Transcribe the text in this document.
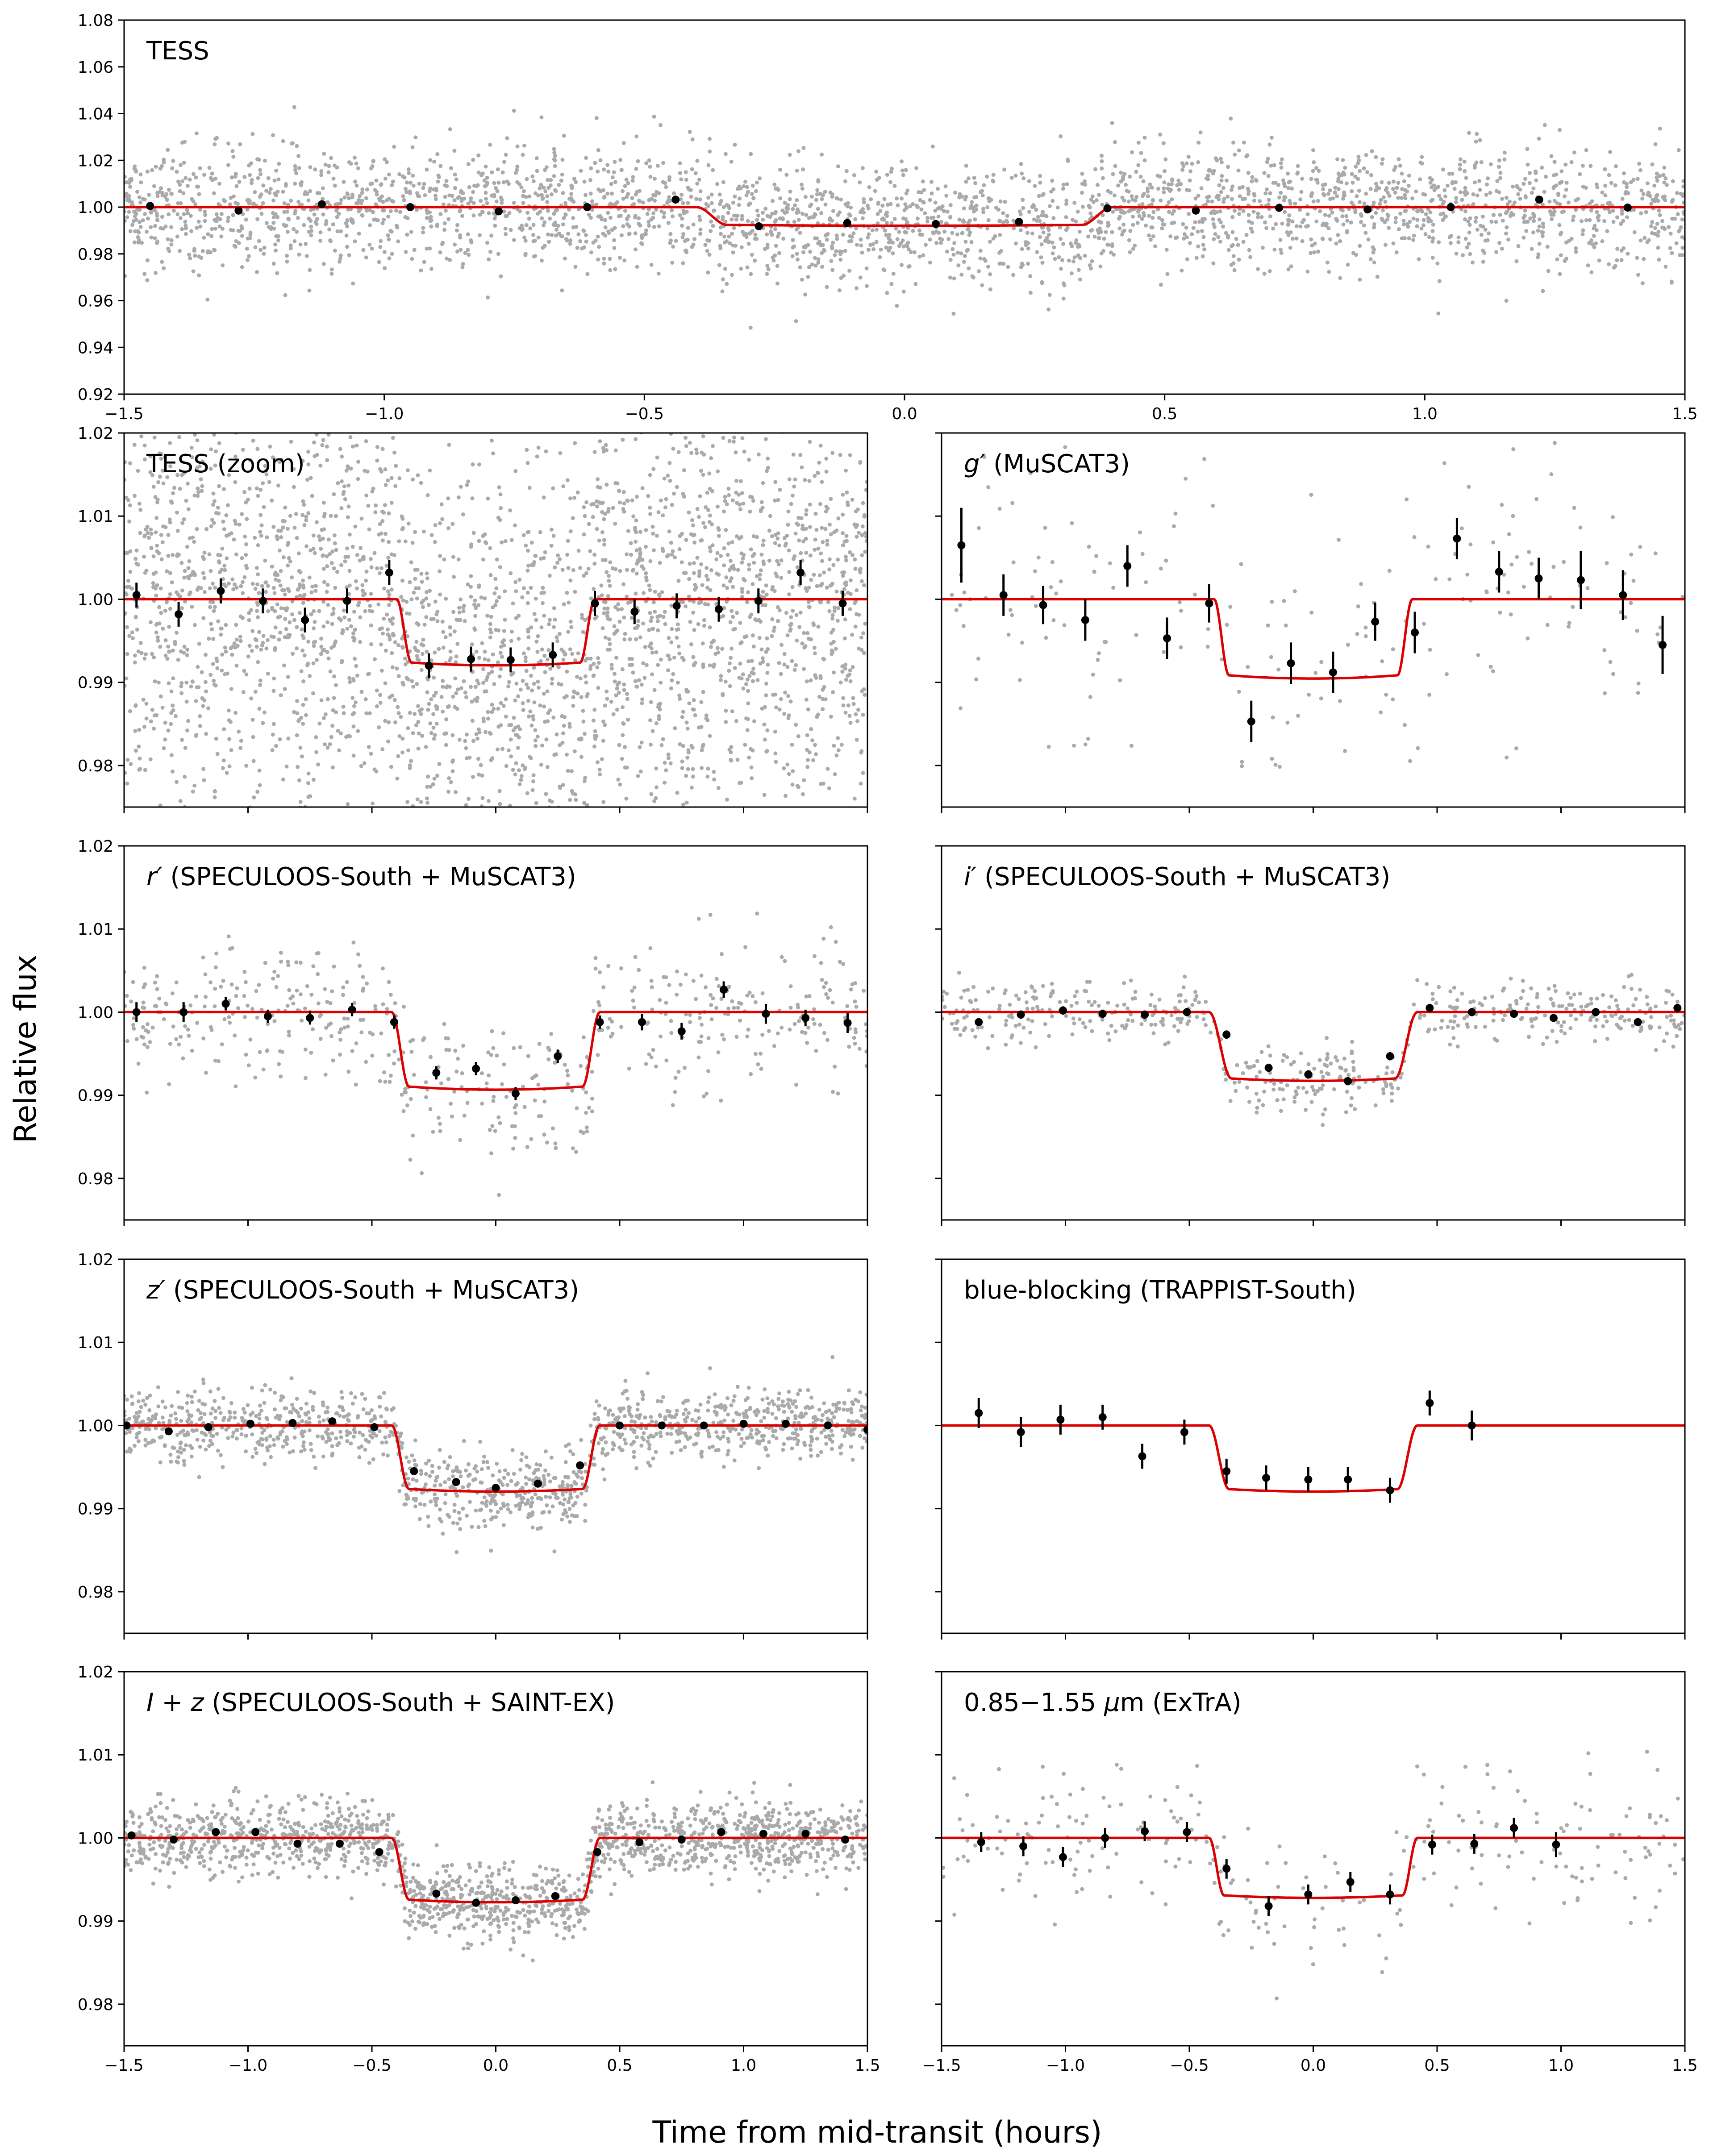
−1.5	−1.0	−0.5	0.0	0.5	1.0	1.5
0.92
0.94
0.96
0.98
1.00
1.02
1.04
1.06
1.08
TESS
0.98
0.99
1.00
1.01
1.02
TESS (zoom)	g′ (MuSCAT3)
0.98
0.99
1.00
1.01
1.02
r′ (SPECULOOS-South + MuSCAT3)	i′ (SPECULOOS-South + MuSCAT3)
0.98
0.99
1.00
1.01
1.02
z′ (SPECULOOS-South + MuSCAT3)	blue-blocking (TRAPPIST-South)
−1.5	−1.0	−0.5	0.0	0.5	1.0	1.5
0.98
0.99
1.00
1.01
1.02
I + z (SPECULOOS-South + SAINT-EX)
−1.5	−1.0	−0.5	0.0	0.5	1.0	1.5
0.85−1.55 μm (ExTrA)
Relative flux
Time from mid-transit (hours)
